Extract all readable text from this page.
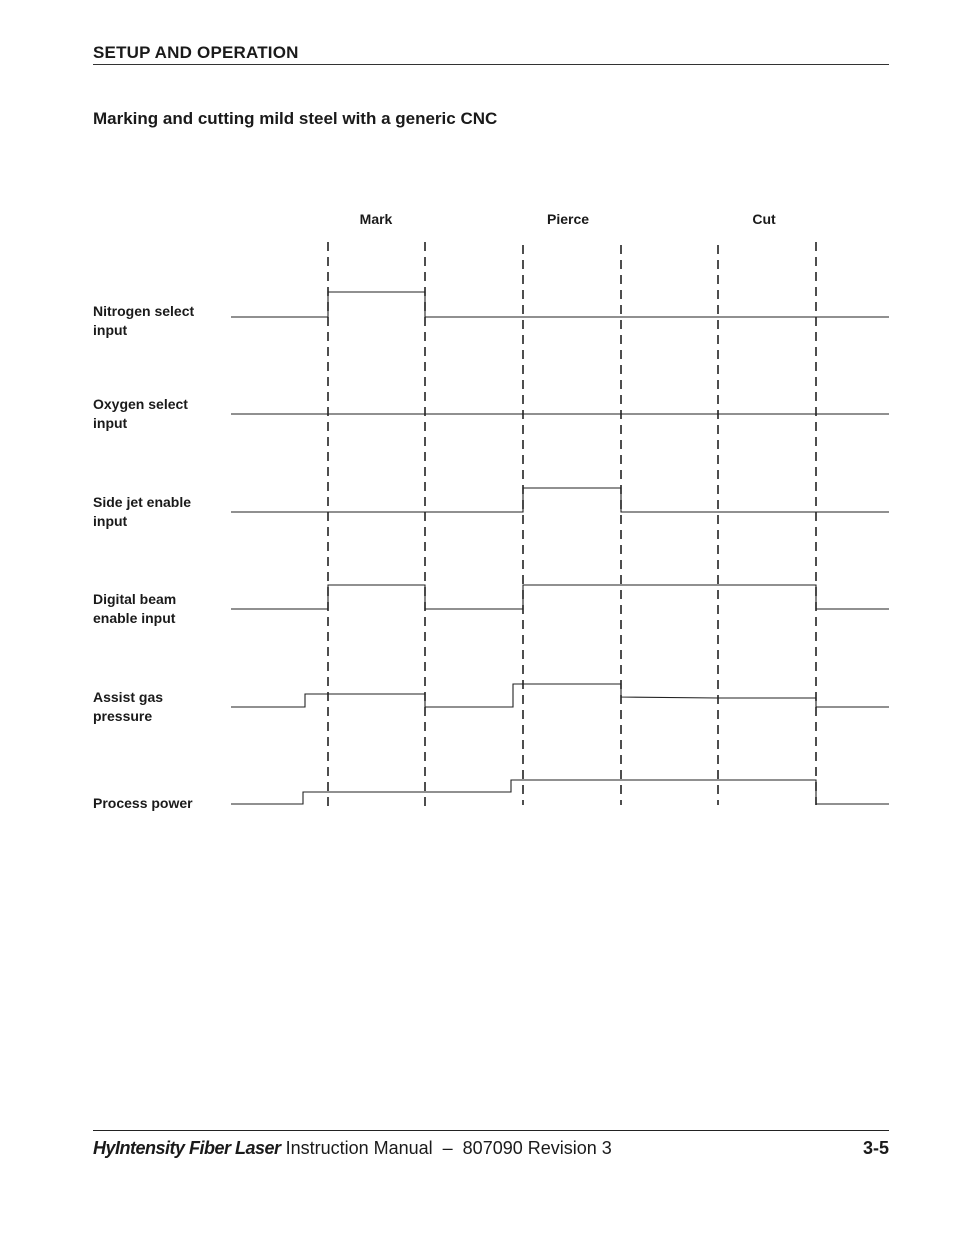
SETUP AND OPERATION
Marking and cutting mild steel with a generic CNC
Mark	Pierce	Cut
Nitrogen select
input
Oxygen select
input
Side jet enable
input
Digital beam
enable input
Assist gas
pressure
Process power
HyIntensity Fiber Laser Instruction Manual  –  807090 Revision 3	3-5
